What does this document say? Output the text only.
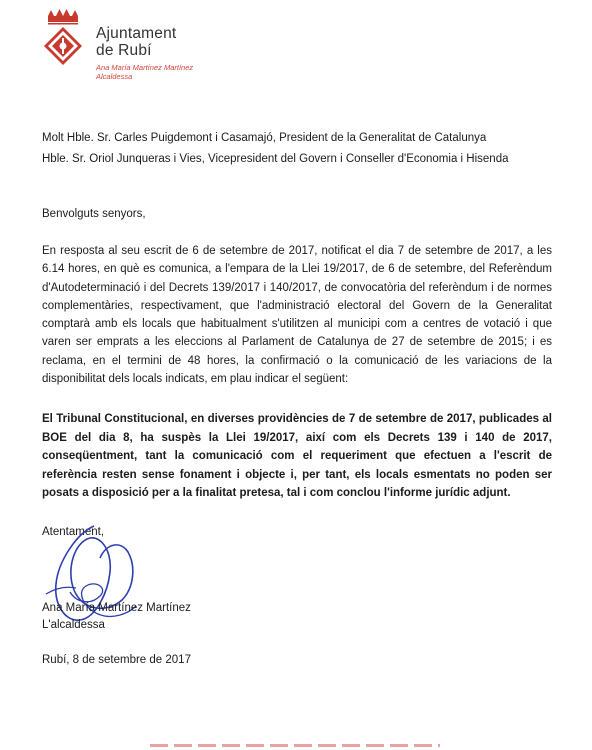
Ajuntament
de Rubí
Ana María Martínez Martínez
Alcaldessa
Molt Hble. Sr. Carles Puigdemont i Casamajó, President de la Generalitat de Catalunya
Hble. Sr. Oriol Junqueras i Vies, Vicepresident del Govern i Conseller d'Economia i Hisenda
Benvolguts senyors,
En resposta al seu escrit de 6 de setembre de 2017, notificat el dia 7 de setembre de 2017, a les 6.14 hores, en què es comunica, a l'empara de la Llei 19/2017, de 6 de setembre, del Referèndum d'Autodeterminació i del Decrets 139/2017 i 140/2017, de convocatòria del referèndum i de normes complementàries, respectivament, que l'administració electoral del Govern de la Generalitat comptarà amb els locals que habitualment s'utilitzen al municipi com a centres de votació i que varen ser emprats a les eleccions al Parlament de Catalunya de 27 de setembre de 2015; i es reclama, en el termini de 48 hores, la confirmació o la comunicació de les variacions de la disponibilitat dels locals indicats, em plau indicar el següent:
El Tribunal Constitucional, en diverses providències de 7 de setembre de 2017, publicades al BOE del dia 8, ha suspès la Llei 19/2017, així com els Decrets 139 i 140 de 2017, conseqüentment, tant la comunicació com el requeriment que efectuen a l'escrit de referència resten sense fonament i objecte i, per tant, els locals esmentats no poden ser posats a disposició per a la finalitat pretesa, tal i com conclou l'informe jurídic adjunt.
Atentament,
Ana María Martínez Martínez
L'alcaldessa
Rubí, 8 de setembre de 2017
